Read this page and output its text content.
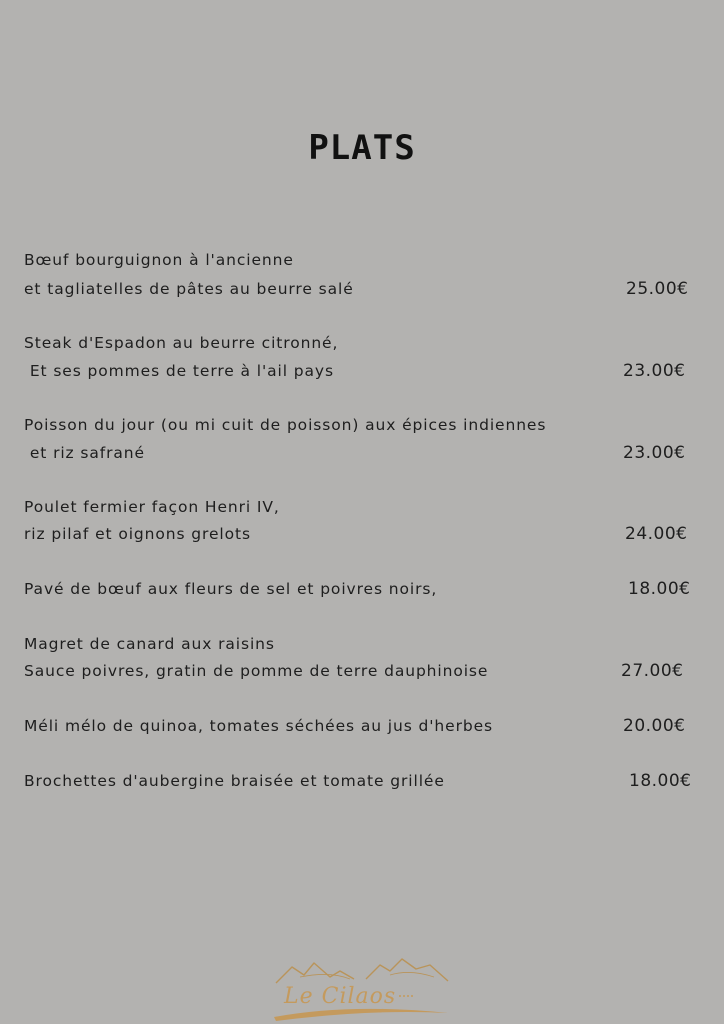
PLATS
Bœuf bourguignon à l'ancienne
et tagliatelles de pâtes au beurre salé	25.00€
Steak d'Espadon au beurre citronné,
Et ses pommes de terre à l'ail pays	23.00€
Poisson du jour (ou mi cuit de poisson) aux épices indiennes
et riz safrané	23.00€
Poulet fermier façon Henri IV,
riz pilaf et oignons grelots	24.00€
Pavé de bœuf aux fleurs de sel et poivres noirs,	18.00€
Magret de canard aux raisins
Sauce poivres, gratin de pomme de terre dauphinoise	27.00€
Méli mélo de quinoa, tomates séchées au jus d'herbes	20.00€
Brochettes d'aubergine braisée et tomate grillée	18.00€
Le Cilaos
